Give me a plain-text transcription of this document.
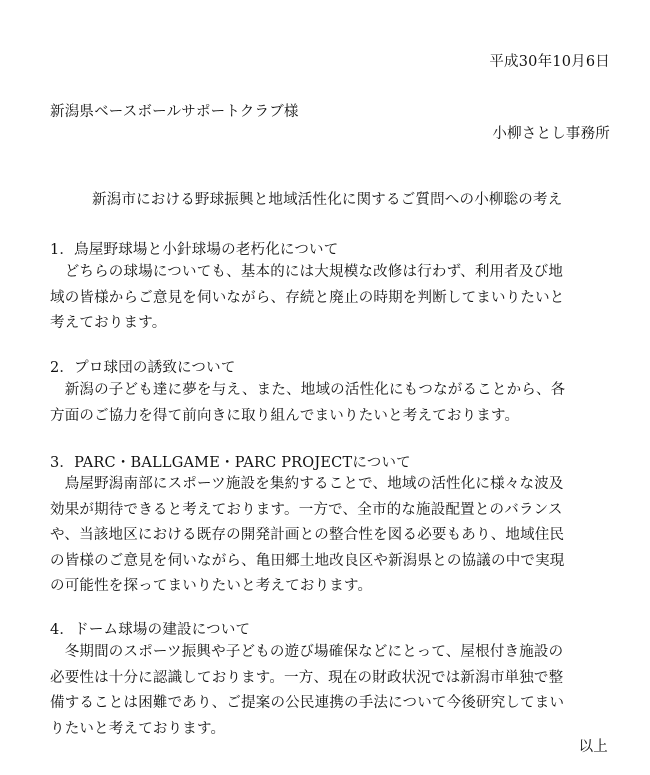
平成30年10月6日

新潟県ベースボールサポートクラブ様

小柳さとし事務所

新潟市における野球振興と地域活性化に関するご質問への小柳聡の考え

1．鳥屋野球場と小針球場の老朽化について

　どちらの球場についても、基本的には大規模な改修は行わず、利用者及び地

域の皆様からご意見を伺いながら、存続と廃止の時期を判断してまいりたいと

考えております。

2．プロ球団の誘致について

　新潟の子ども達に夢を与え、また、地域の活性化にもつながることから、各

方面のご協力を得て前向きに取り組んでまいりたいと考えております。

3．PARC・BALLGAME・PARC PROJECTについて

　鳥屋野潟南部にスポーツ施設を集約することで、地域の活性化に様々な波及

効果が期待できると考えております。一方で、全市的な施設配置とのバランス

や、当該地区における既存の開発計画との整合性を図る必要もあり、地域住民

の皆様のご意見を伺いながら、亀田郷土地改良区や新潟県との協議の中で実現

の可能性を探ってまいりたいと考えております。

4．ドーム球場の建設について

　冬期間のスポーツ振興や子どもの遊び場確保などにとって、屋根付き施設の

必要性は十分に認識しております。一方、現在の財政状況では新潟市単独で整

備することは困難であり、ご提案の公民連携の手法について今後研究してまい

りたいと考えております。

以上
